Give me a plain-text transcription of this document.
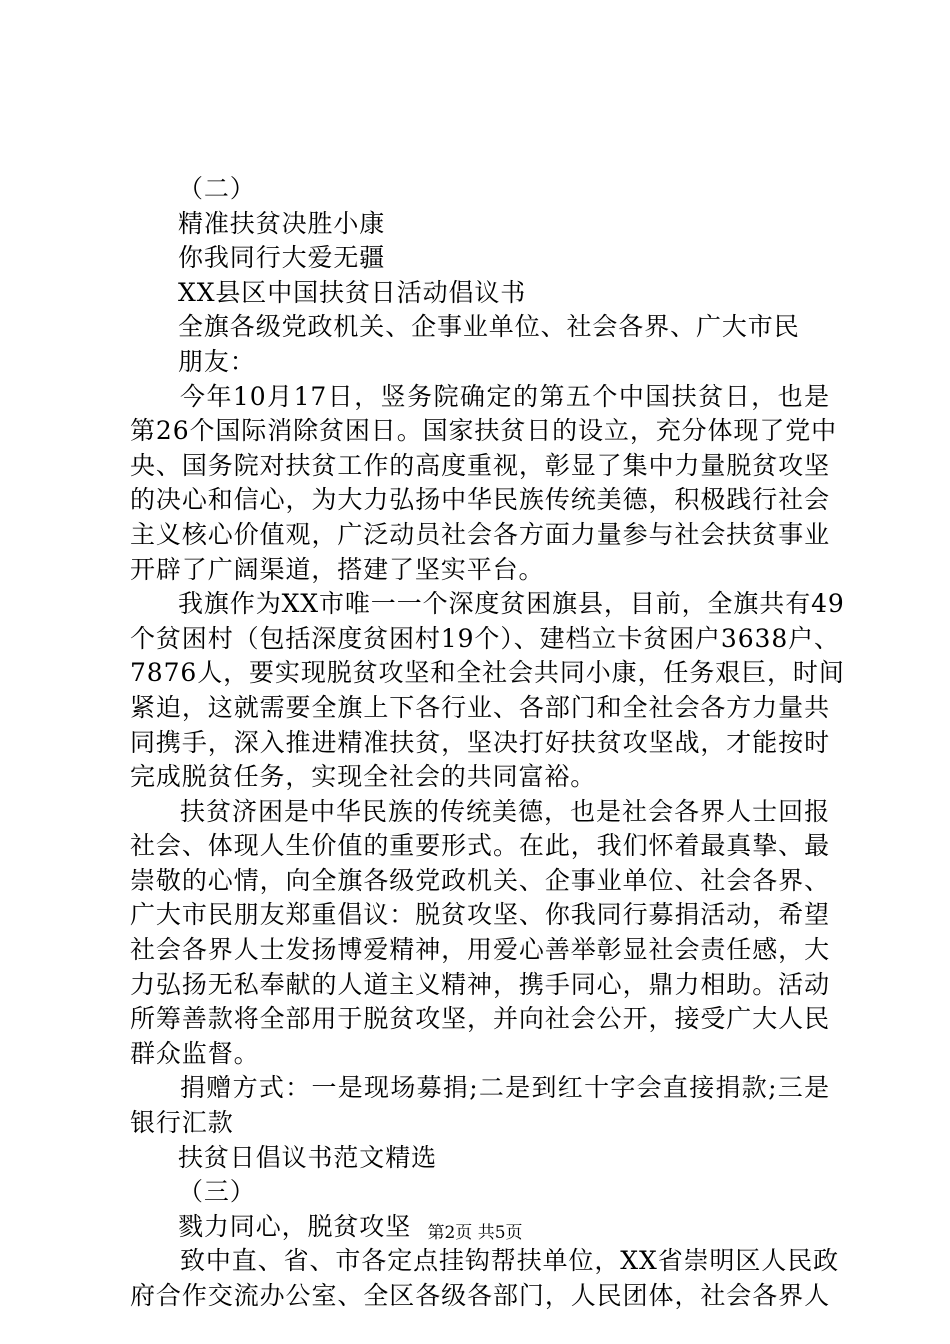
（二）
精准扶贫决胜小康
你我同行大爱无疆
XX县区中国扶贫日活动倡议书
全旗各级党政机关、企事业单位、社会各界、广大市民
朋友：
今年10月17日，竖务院确定的第五个中国扶贫日，也是
第26个国际消除贫困日。国家扶贫日的设立，充分体现了党中
央、国务院对扶贫工作的高度重视，彰显了集中力量脱贫攻坚
的决心和信心，为大力弘扬中华民族传统美德，积极践行社会
主义核心价值观，广泛动员社会各方面力量参与社会扶贫事业
开辟了广阔渠道，搭建了坚实平台。
我旗作为XX市唯一一个深度贫困旗县，目前，全旗共有49
个贫困村（包括深度贫困村19个）、建档立卡贫困户3638户、
7876人，要实现脱贫攻坚和全社会共同小康，任务艰巨，时间
紧迫，这就需要全旗上下各行业、各部门和全社会各方力量共
同携手，深入推进精准扶贫，坚决打好扶贫攻坚战，才能按时
完成脱贫任务，实现全社会的共同富裕。
扶贫济困是中华民族的传统美德，也是社会各界人士回报
社会、体现人生价值的重要形式。在此，我们怀着最真挚、最
崇敬的心情，向全旗各级党政机关、企事业单位、社会各界、
广大市民朋友郑重倡议：脱贫攻坚、你我同行募捐活动，希望
社会各界人士发扬博爱精神，用爱心善举彰显社会责任感，大
力弘扬无私奉献的人道主义精神，携手同心，鼎力相助。活动
所筹善款将全部用于脱贫攻坚，并向社会公开，接受广大人民
群众监督。
捐赠方式：一是现场募捐;二是到红十字会直接捐款;三是
银行汇款
扶贫日倡议书范文精选
（三）
戮力同心，脱贫攻坚
致中直、省、市各定点挂钩帮扶单位，XX省崇明区人民政
府合作交流办公室、全区各级各部门，人民团体，社会各界人
第2页 共5页
